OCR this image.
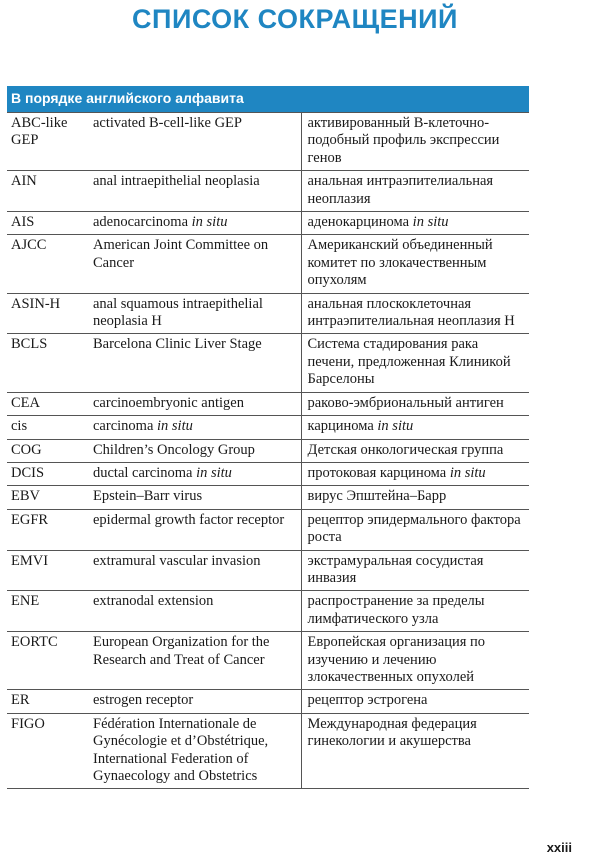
СПИСОК СОКРАЩЕНИЙ
В порядке английского алфавита		
ABC-like GEP	activated B-cell-like GEP	активированный В-клеточно-подобный профиль экспрессии генов
AIN	anal intraepithelial neoplasia	анальная интраэпителиальная неоплазия
AIS	adenocarcinoma in situ	аденокарцинома in situ
AJCC	American Joint Committee on Cancer	Американский объединенный комитет по злокачественным опухолям
ASIN-H	anal squamous intraepithelial neoplasia H	анальная плоскоклеточная интраэпителиальная неоплазия H
BCLS	Barcelona Clinic Liver Stage	Система стадирования рака печени, предложенная Клиникой Барселоны
CEA	carcinoembryonic antigen	раково-эмбриональный антиген
cis	carcinoma in situ	карцинома in situ
COG	Children’s Oncology Group	Детская онкологическая группа
DCIS	ductal carcinoma in situ	протоковая карцинома in situ
EBV	Epstein–Barr virus	вирус Эпштейна–Барр
EGFR	epidermal growth factor receptor	рецептор эпидермального фактора роста
EMVI	extramural vascular invasion	экстрамуральная сосудистая инвазия
ENE	extranodal extension	распространение за пределы лимфатического узла
EORTC	European Organization for the Research and Treat of Cancer	Европейская организация по изучению и лечению злокачественных опухолей
ER	estrogen receptor	рецептор эстрогена
FIGO	Fédération Internationale de Gynécologie et d’Obstétrique, International Federation of Gynaecology and Obstetrics	Международная федерация гинекологии и акушерства
xxiii
